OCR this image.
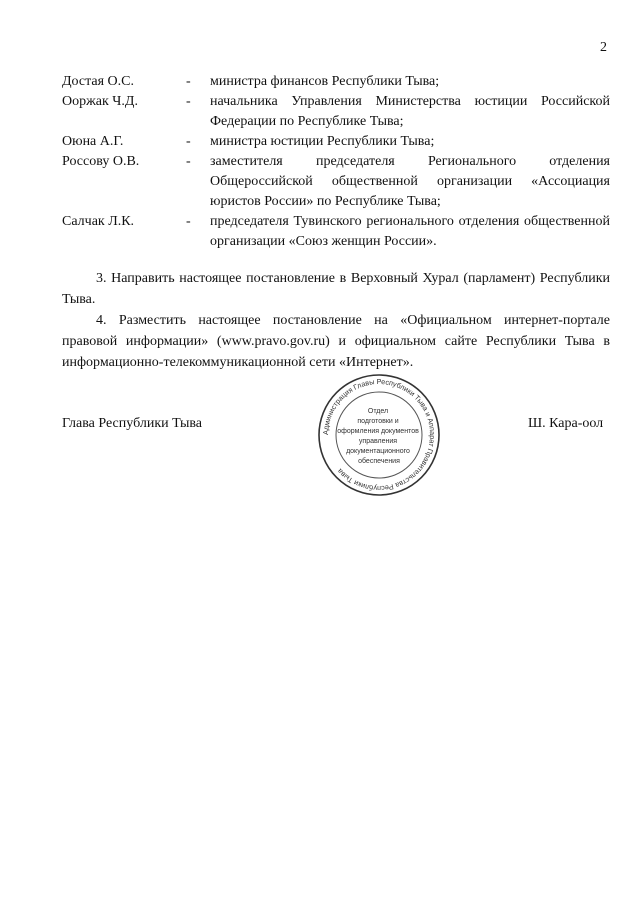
2
Достая О.С.	-	министра финансов Республики Тыва;
Ооржак Ч.Д.	-	начальника Управления Министерства юстиции Российской Федерации по Республике Тыва;
Оюна А.Г.	-	министра юстиции Республики Тыва;
Россову О.В.	-	заместителя председателя Регионального отделения Общероссийской общественной организации «Ассоциация юристов России» по Республике Тыва;
Салчак Л.К.	-	председателя Тувинского регионального отделения общественной организации «Союз женщин России».

3. Направить настоящее постановление в Верховный Хурал (парламент) Республики Тыва.

4. Разместить настоящее постановление на «Официальном интернет-портале правовой информации» (www.pravo.gov.ru) и официальном сайте Республики Тыва в информационно-телекоммуникационной сети «Интернет».

Глава Республики Тыва
Администрация Главы Республики Тыва и Аппарат Правительства Республики Тыва
Отдел подготовки и оформления документов управления документационного обеспечения
Ш. Кара-оол
